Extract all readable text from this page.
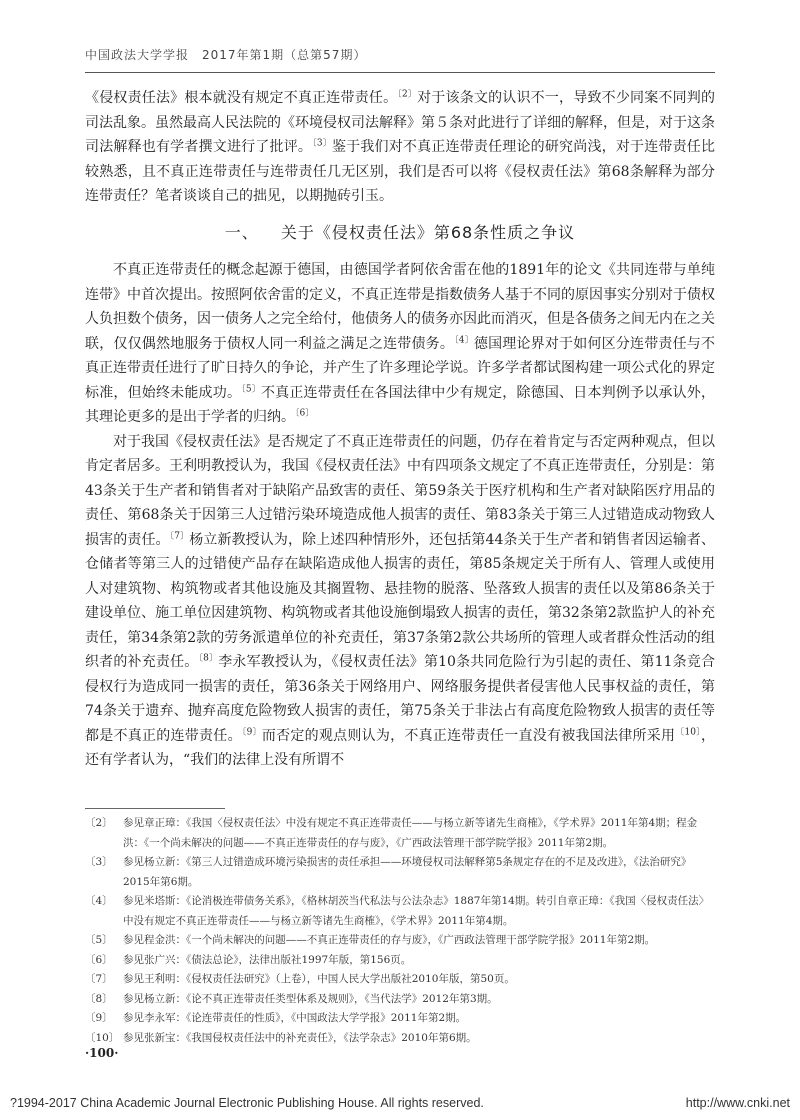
中国政法大学学报　2017年第1期（总第57期）

《侵权责任法》根本就没有规定不真正连带责任。$^{〔2〕}$对于该条文的认识不一，导致不少同案不同判的司法乱象。虽然最高人民法院的《环境侵权司法解释》第５条对此进行了详细的解释，但是，对于这条司法解释也有学者撰文进行了批评。$^{〔3〕}$鉴于我们对不真正连带责任理论的研究尚浅，对于连带责任比较熟悉，且不真正连带责任与连带责任几无区别，我们是否可以将《侵权责任法》第68条解释为部分连带责任？笔者谈谈自己的拙见，以期抛砖引玉。

一、 关于《侵权责任法》第68条性质之争议

不真正连带责任的概念起源于德国，由德国学者阿依舍雷在他的1891年的论文《共同连带与单纯连带》中首次提出。按照阿依舍雷的定义，不真正连带是指数债务人基于不同的原因事实分别对于债权人负担数个债务，因一债务人之完全给付，他债务人的债务亦因此而消灭，但是各债务之间无内在之关联，仅仅偶然地服务于债权人同一利益之满足之连带债务。$^{〔4〕}$德国理论界对于如何区分连带责任与不真正连带责任进行了旷日持久的争论，并产生了许多理论学说。许多学者都试图构建一项公式化的界定标准，但始终未能成功。$^{〔5〕}$不真正连带责任在各国法律中少有规定，除德国、日本判例予以承认外，其理论更多的是出于学者的归纳。$^{〔6〕}$

对于我国《侵权责任法》是否规定了不真正连带责任的问题，仍存在着肯定与否定两种观点，但以肯定者居多。王利明教授认为，我国《侵权责任法》中有四项条文规定了不真正连带责任，分别是：第43条关于生产者和销售者对于缺陷产品致害的责任、第59条关于医疗机构和生产者对缺陷医疗用品的责任、第68条关于因第三人过错污染环境造成他人损害的责任、第83条关于第三人过错造成动物致人损害的责任。$^{〔7〕}$杨立新教授认为，除上述四种情形外，还包括第44条关于生产者和销售者因运输者、仓储者等第三人的过错使产品存在缺陷造成他人损害的责任，第85条规定关于所有人、管理人或使用人对建筑物、构筑物或者其他设施及其搁置物、悬挂物的脱落、坠落致人损害的责任以及第86条关于建设单位、施工单位因建筑物、构筑物或者其他设施倒塌致人损害的责任，第32条第2款监护人的补充责任，第34条第2款的劳务派遣单位的补充责任，第37条第2款公共场所的管理人或者群众性活动的组织者的补充责任。$^{〔8〕}$李永军教授认为，《侵权责任法》第10条共同危险行为引起的责任、第11条竞合侵权行为造成同一损害的责任，第36条关于网络用户、网络服务提供者侵害他人民事权益的责任，第74条关于遗弃、抛弃高度危险物致人损害的责任，第75条关于非法占有高度危险物致人损害的责任等都是不真正的连带责任。$^{〔9〕}$而否定的观点则认为，不真正连带责任一直没有被我国法律所采用$^{〔10〕}$，还有学者认为，“我们的法律上没有所谓不

〔2〕 参见章正璋：《我国〈侵权责任法〉中没有规定不真正连带责任——与杨立新等诸先生商榷》，《学术界》2011年第4期；程金洪：《一个尚未解决的问题——不真正连带责任的存与废》，《广西政法管理干部学院学报》2011年第2期。

〔3〕 参见杨立新：《第三人过错造成环境污染损害的责任承担——环境侵权司法解释第5条规定存在的不足及改进》，《法治研究》2015年第6期。

〔4〕 参见米塔斯：《论消极连带债务关系》，《格林胡茨当代私法与公法杂志》1887年第14期。转引自章正璋：《我国〈侵权责任法〉中没有规定不真正连带责任——与杨立新等诸先生商榷》，《学术界》2011年第4期。

〔5〕 参见程金洪：《一个尚未解决的问题——不真正连带责任的存与废》，《广西政法管理干部学院学报》2011年第2期。

〔6〕 参见张广兴：《债法总论》，法律出版社1997年版，第156页。

〔7〕 参见王利明：《侵权责任法研究》（上卷），中国人民大学出版社2010年版，第50页。

〔8〕 参见杨立新：《论不真正连带责任类型体系及规则》，《当代法学》2012年第3期。

〔9〕 参见李永军：《论连带责任的性质》，《中国政法大学学报》2011年第2期。

〔10〕 参见张新宝：《我国侵权责任法中的补充责任》，《法学杂志》2010年第6期。

·100·
?1994-2017 China Academic Journal Electronic Publishing House. All rights reserved.	http://www.cnki.net
